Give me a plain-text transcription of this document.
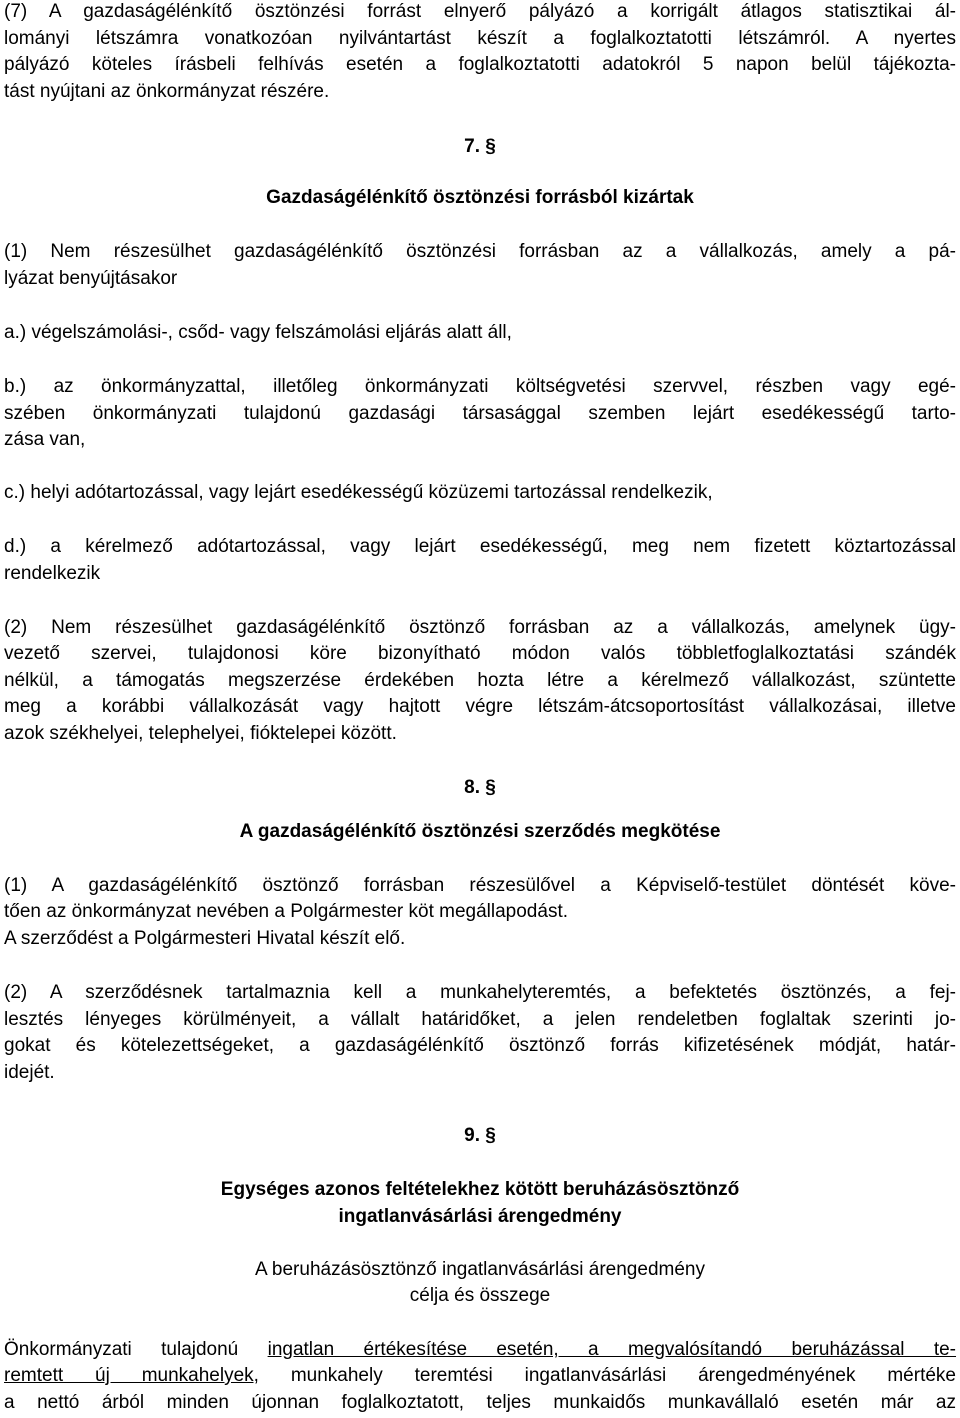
(7) A gazdaságélénkítő ösztönzési forrást elnyerő pályázó a korrigált átlagos statisztikai ál-
lományi létszámra vonatkozóan nyilvántartást készít a foglalkoztatotti létszámról. A nyertes
pályázó köteles írásbeli felhívás esetén a foglalkoztatotti adatokról 5 napon belül tájékozta-
tást nyújtani az önkormányzat részére.
7. §
Gazdaságélénkítő ösztönzési forrásból kizártak
(1) Nem részesülhet gazdaságélénkítő ösztönzési forrásban az a vállalkozás, amely a pá-
lyázat benyújtásakor
a.) végelszámolási-, csőd- vagy felszámolási eljárás alatt áll,
b.) az önkormányzattal, illetőleg önkormányzati költségvetési szervvel, részben vagy egé-
szében önkormányzati tulajdonú gazdasági társasággal szemben lejárt esedékességű tarto-
zása van,
c.) helyi adótartozással, vagy lejárt esedékességű közüzemi tartozással rendelkezik,
d.) a kérelmező adótartozással, vagy lejárt esedékességű, meg nem fizetett köztartozással
rendelkezik
(2) Nem részesülhet gazdaságélénkítő ösztönző forrásban az a vállalkozás, amelynek ügy-
vezető szervei, tulajdonosi köre bizonyítható módon valós többletfoglalkoztatási szándék
nélkül, a támogatás megszerzése érdekében hozta létre a kérelmező vállalkozást, szüntette
meg a korábbi vállalkozását vagy hajtott végre létszám-átcsoportosítást vállalkozásai, illetve
azok székhelyei, telephelyei, fióktelepei között.
8. §
A gazdaságélénkítő ösztönzési szerződés megkötése
(1) A gazdaságélénkítő ösztönző forrásban részesülővel a Képviselő-testület döntését köve-
tően az önkormányzat nevében a Polgármester köt megállapodást.
A szerződést a Polgármesteri Hivatal készít elő.
(2) A szerződésnek tartalmaznia kell a munkahelyteremtés, a befektetés ösztönzés, a fej-
lesztés lényeges körülményeit, a vállalt határidőket, a jelen rendeletben foglaltak szerinti jo-
gokat és kötelezettségeket, a gazdaságélénkítő ösztönző forrás kifizetésének módját, határ-
idejét.
9. §
Egységes azonos feltételekhez kötött beruházásösztönző
ingatlanvásárlási árengedmény
A beruházásösztönző ingatlanvásárlási árengedmény
célja és összege
Önkormányzati tulajdonú ingatlan értékesítése esetén, a megvalósítandó beruházással te-
remtett új munkahelyek, munkahely teremtési ingatlanvásárlási árengedményének mértéke
a nettó árból minden újonnan foglalkoztatott, teljes munkaidős munkavállaló esetén már az
